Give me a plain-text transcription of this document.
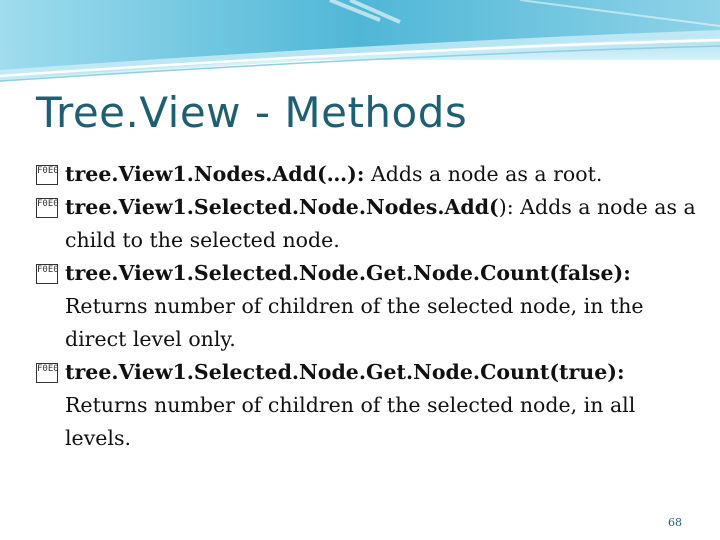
Tree.View - Methods
F0E0 tree.View1.Nodes.Add(…): Adds a node as a root.
F0E0 tree.View1.Selected.Node.Nodes.Add(): Adds a node as a child to the selected node.
F0E0 tree.View1.Selected.Node.Get.Node.Count(false): Returns number of children of the selected node, in the direct level only.
F0E0 tree.View1.Selected.Node.Get.Node.Count(true): Returns number of children of the selected node, in all levels.
68
